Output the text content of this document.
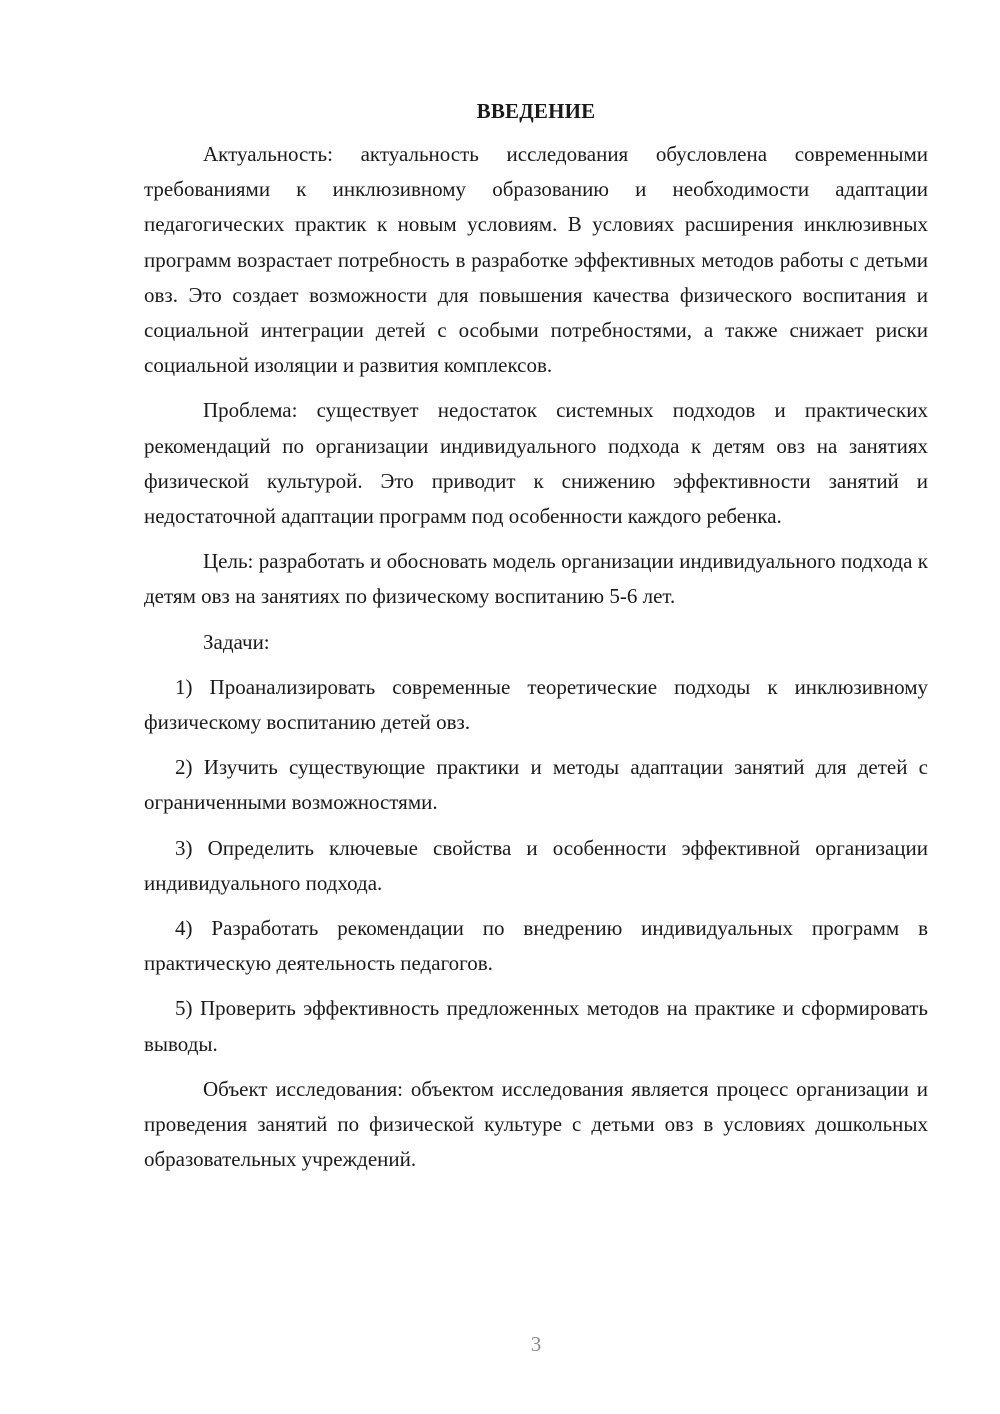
ВВЕДЕНИЕ

Актуальность: актуальность исследования обусловлена современными требованиями к инклюзивному образованию и необходимости адаптации педагогических практик к новым условиям. В условиях расширения инклюзивных программ возрастает потребность в разработке эффективных методов работы с детьми овз. Это создает возможности для повышения качества физического воспитания и социальной интеграции детей с особыми потребностями, а также снижает риски социальной изоляции и развития комплексов.

Проблема: существует недостаток системных подходов и практических рекомендаций по организации индивидуального подхода к детям овз на занятиях физической культурой. Это приводит к снижению эффективности занятий и недостаточной адаптации программ под особенности каждого ребенка.

Цель: разработать и обосновать модель организации индивидуального подхода к детям овз на занятиях по физическому воспитанию 5-6 лет.

Задачи:

1) Проанализировать современные теоретические подходы к инклюзивному физическому воспитанию детей овз.

2) Изучить существующие практики и методы адаптации занятий для детей с ограниченными возможностями.

3) Определить ключевые свойства и особенности эффективной организации индивидуального подхода.

4) Разработать рекомендации по внедрению индивидуальных программ в практическую деятельность педагогов.

5) Проверить эффективность предложенных методов на практике и сформировать выводы.

Объект исследования: объектом исследования является процесс организации и проведения занятий по физической культуре с детьми овз в условиях дошкольных образовательных учреждений.

3
